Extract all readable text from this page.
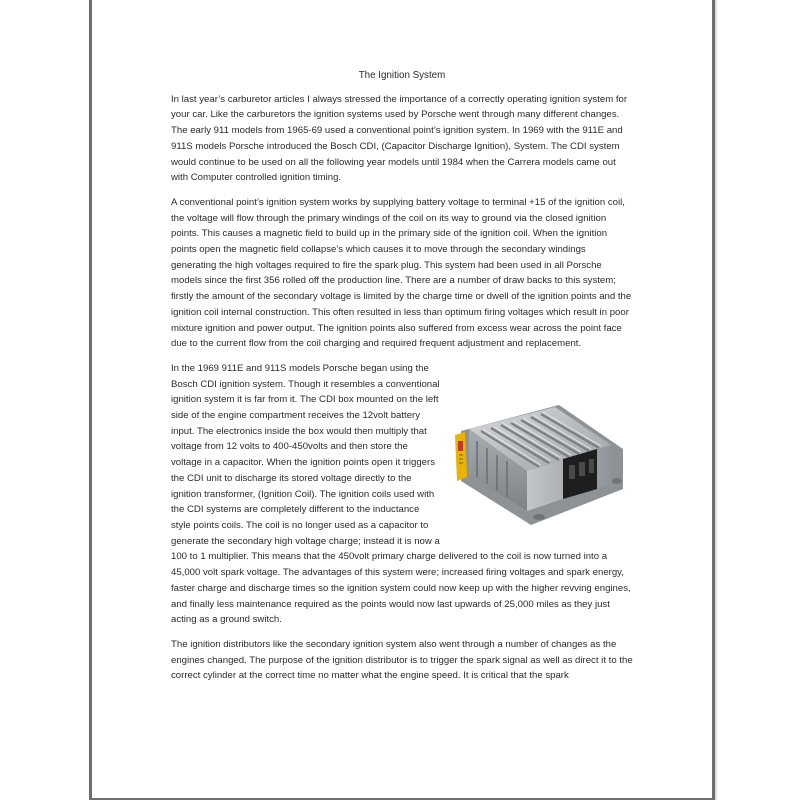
The Ignition System

In last year’s carburetor articles I always stressed the importance of a correctly operating ignition system for your car. Like the carburetors the ignition systems used by Porsche went through many different changes. The early 911 models from 1965-69 used a conventional point’s ignition system. In 1969 with the 911E and 911S models Porsche introduced the Bosch CDI, (Capacitor Discharge Ignition), System. The CDI system would continue to be used on all the following year models until 1984 when the Carrera models came out with Computer controlled ignition timing.

A conventional point’s ignition system works by supplying battery voltage to terminal +15 of the ignition coil, the voltage will flow through the primary windings of the coil on its way to ground via the closed ignition points. This causes a magnetic field to build up in the primary side of the ignition coil. When the ignition points open the magnetic field collapse’s which causes it to move through the secondary windings generating the high voltages required to fire the spark plug. This system had been used in all Porsche models since the first 356 rolled off the production line. There are a number of draw backs to this system; firstly the amount of the secondary voltage is limited by the charge time or dwell of the ignition points and the ignition coil internal construction. This often resulted in less than optimum firing voltages which result in poor mixture ignition and power output. The ignition points also suffered from excess wear across the point face due to the current flow from the coil charging and required frequent adjustment and replacement.

In the 1969 911E and 911S models Porsche began using the Bosch CDI ignition system. Though it resembles a conventional ignition system it is far from it. The CDI box mounted on the left side of the engine compartment receives the 12volt battery input. The electronics inside the box would then multiply that voltage from 12 volts to 400-450volts and then store the voltage in a capacitor. When the ignition points open it triggers the CDI unit to discharge its stored voltage directly to the ignition transformer, (Ignition Coil). The ignition coils used with the CDI systems are completely different to the inductance style points coils. The coil is no longer used as a capacitor to generate the secondary high voltage charge; instead it is now a 100 to 1 multiplier. This means that the 450volt primary charge delivered to the coil is now turned into a 45,000 volt spark voltage. The advantages of this system were; increased firing voltages and spark energy, faster charge and discharge times so the ignition system could now keep up with the higher revving engines, and finally less maintenance required as the points would now last upwards of 25,000 miles as they just acting as a ground switch.

The ignition distributors like the secondary ignition system also went through a number of changes as the engines changed. The purpose of the ignition distributor is to trigger the spark signal as well as direct it to the correct cylinder at the correct time no matter what the engine speed. It is critical that the spark
